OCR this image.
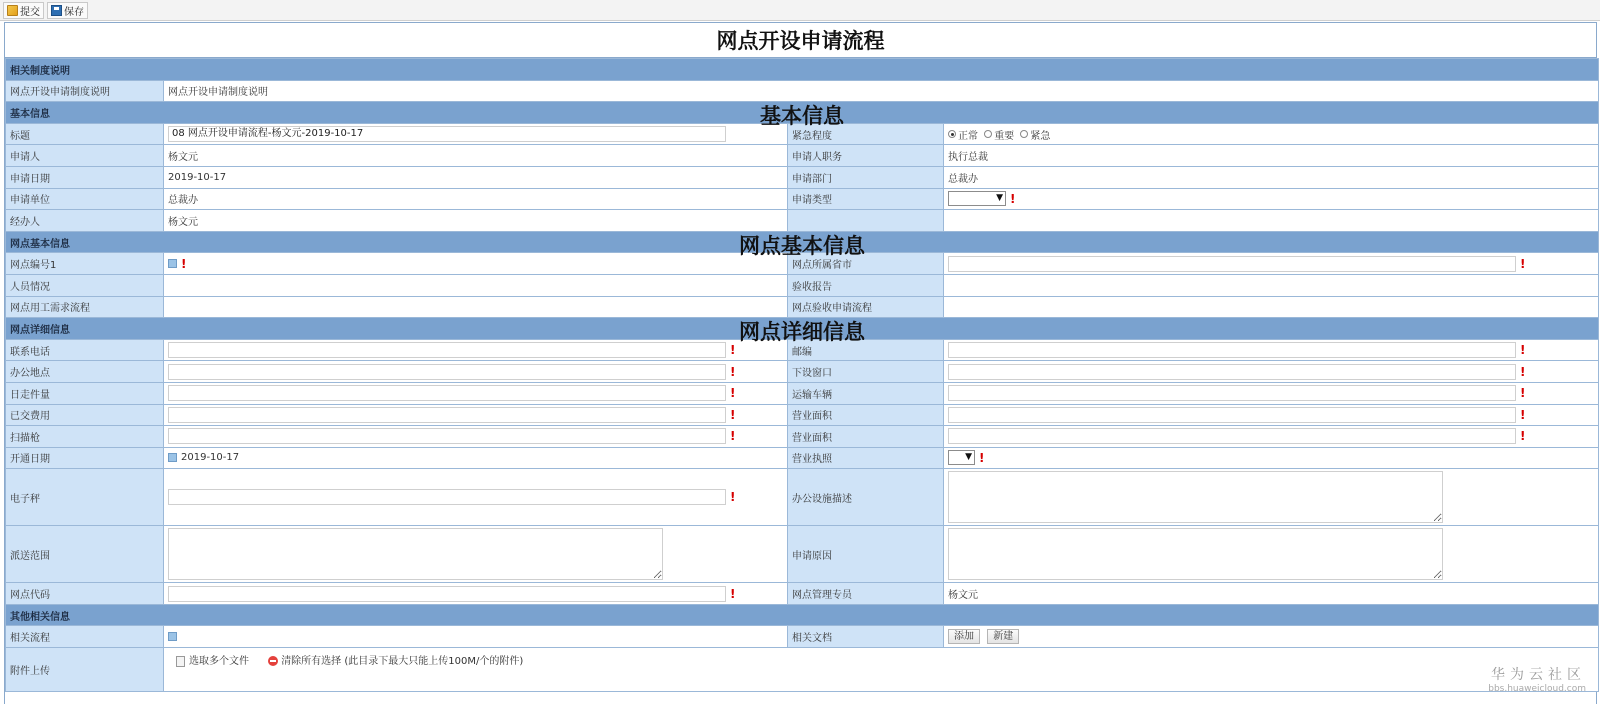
提交 保存
网点开设申请流程
相关制度说明			
网点开设申请制度说明	网点开设申请制度说明		
基本信息 基本信息			

标题	08 网点开设申请流程-杨文元-2019-10-17	紧急程度	正常 重要 紧急
申请人	杨文元	申请人职务	执行总裁
申请日期	2019-10-17	申请部门	总裁办
申请单位	总裁办	申请类型	▼ !
经办人	杨文元		
网点基本信息 网点基本信息			

网点编号1	!	网点所属省市	!
人员情况		验收报告	
网点用工需求流程		网点验收申请流程	
网点详细信息 网点详细信息			

联系电话	!	邮编	!
办公地点	!	下设窗口	!
日走件量	!	运输车辆	!
已交费用	!	营业面积	!
扫描枪	!	营业面积	!
开通日期	2019-10-17	营业执照	▼ !
电子秤	!	办公设施描述	
派送范围		申请原因	
网点代码	!	网点管理专员	杨文元
其他相关信息			
相关流程		相关文档	添加 新建
附件上传	选取多个文件 清除所有选择 (此目录下最大只能上传100M/个的附件)		
华为云社区
bbs.huaweicloud.com
